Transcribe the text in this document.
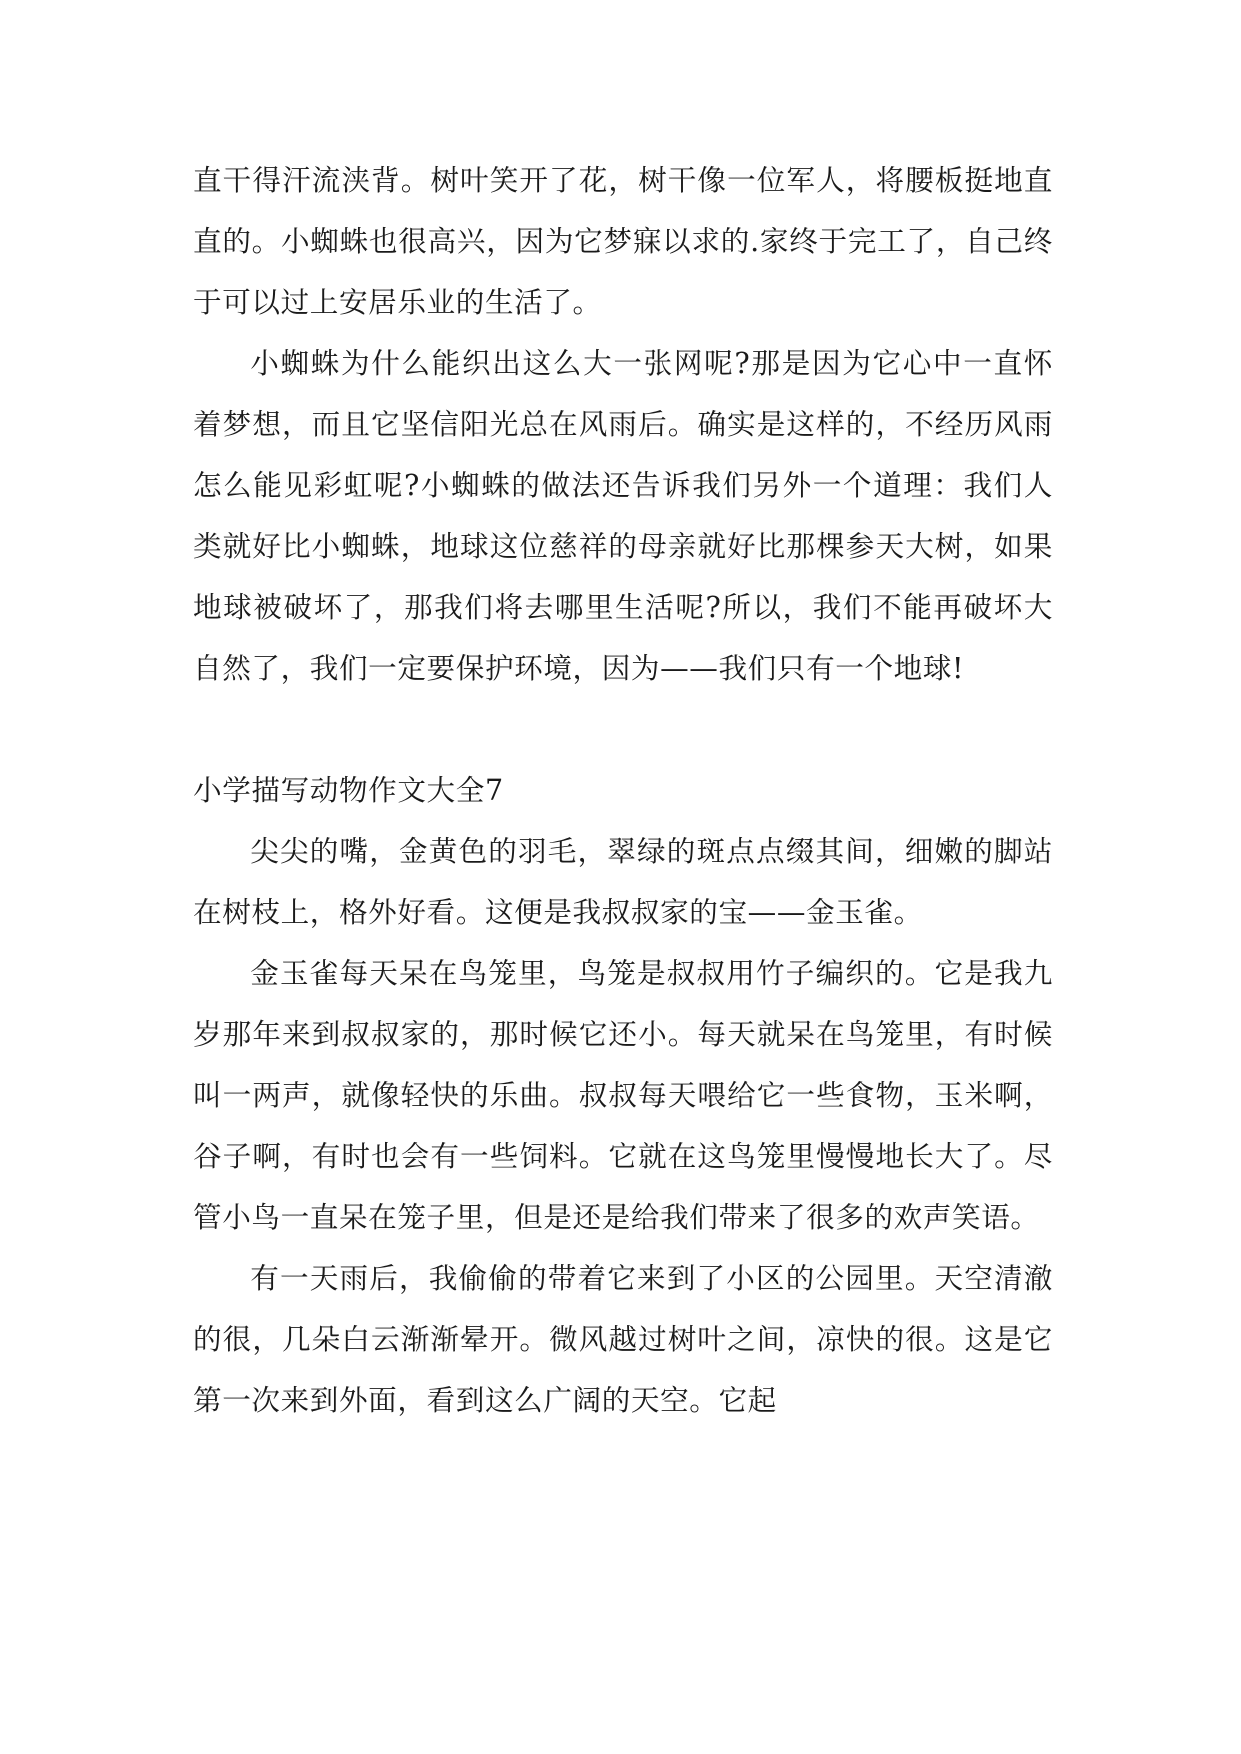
直干得汗流浃背。树叶笑开了花，树干像一位军人，将腰板挺地直直的。小蜘蛛也很高兴，因为它梦寐以求的.家终于完工了，自己终于可以过上安居乐业的生活了。

小蜘蛛为什么能织出这么大一张网呢?那是因为它心中一直怀着梦想，而且它坚信阳光总在风雨后。确实是这样的，不经历风雨怎么能见彩虹呢?小蜘蛛的做法还告诉我们另外一个道理：我们人类就好比小蜘蛛，地球这位慈祥的母亲就好比那棵参天大树，如果地球被破坏了，那我们将去哪里生活呢?所以，我们不能再破坏大自然了，我们一定要保护环境，因为——我们只有一个地球!

小学描写动物作文大全7

尖尖的嘴，金黄色的羽毛，翠绿的斑点点缀其间，细嫩的脚站在树枝上，格外好看。这便是我叔叔家的宝——金玉雀。

金玉雀每天呆在鸟笼里，鸟笼是叔叔用竹子编织的。它是我九岁那年来到叔叔家的，那时候它还小。每天就呆在鸟笼里，有时候叫一两声，就像轻快的乐曲。叔叔每天喂给它一些食物，玉米啊，谷子啊，有时也会有一些饲料。它就在这鸟笼里慢慢地长大了。尽管小鸟一直呆在笼子里，但是还是给我们带来了很多的欢声笑语。

有一天雨后，我偷偷的带着它来到了小区的公园里。天空清澈的很，几朵白云渐渐晕开。微风越过树叶之间，凉快的很。这是它第一次来到外面，看到这么广阔的天空。它起
